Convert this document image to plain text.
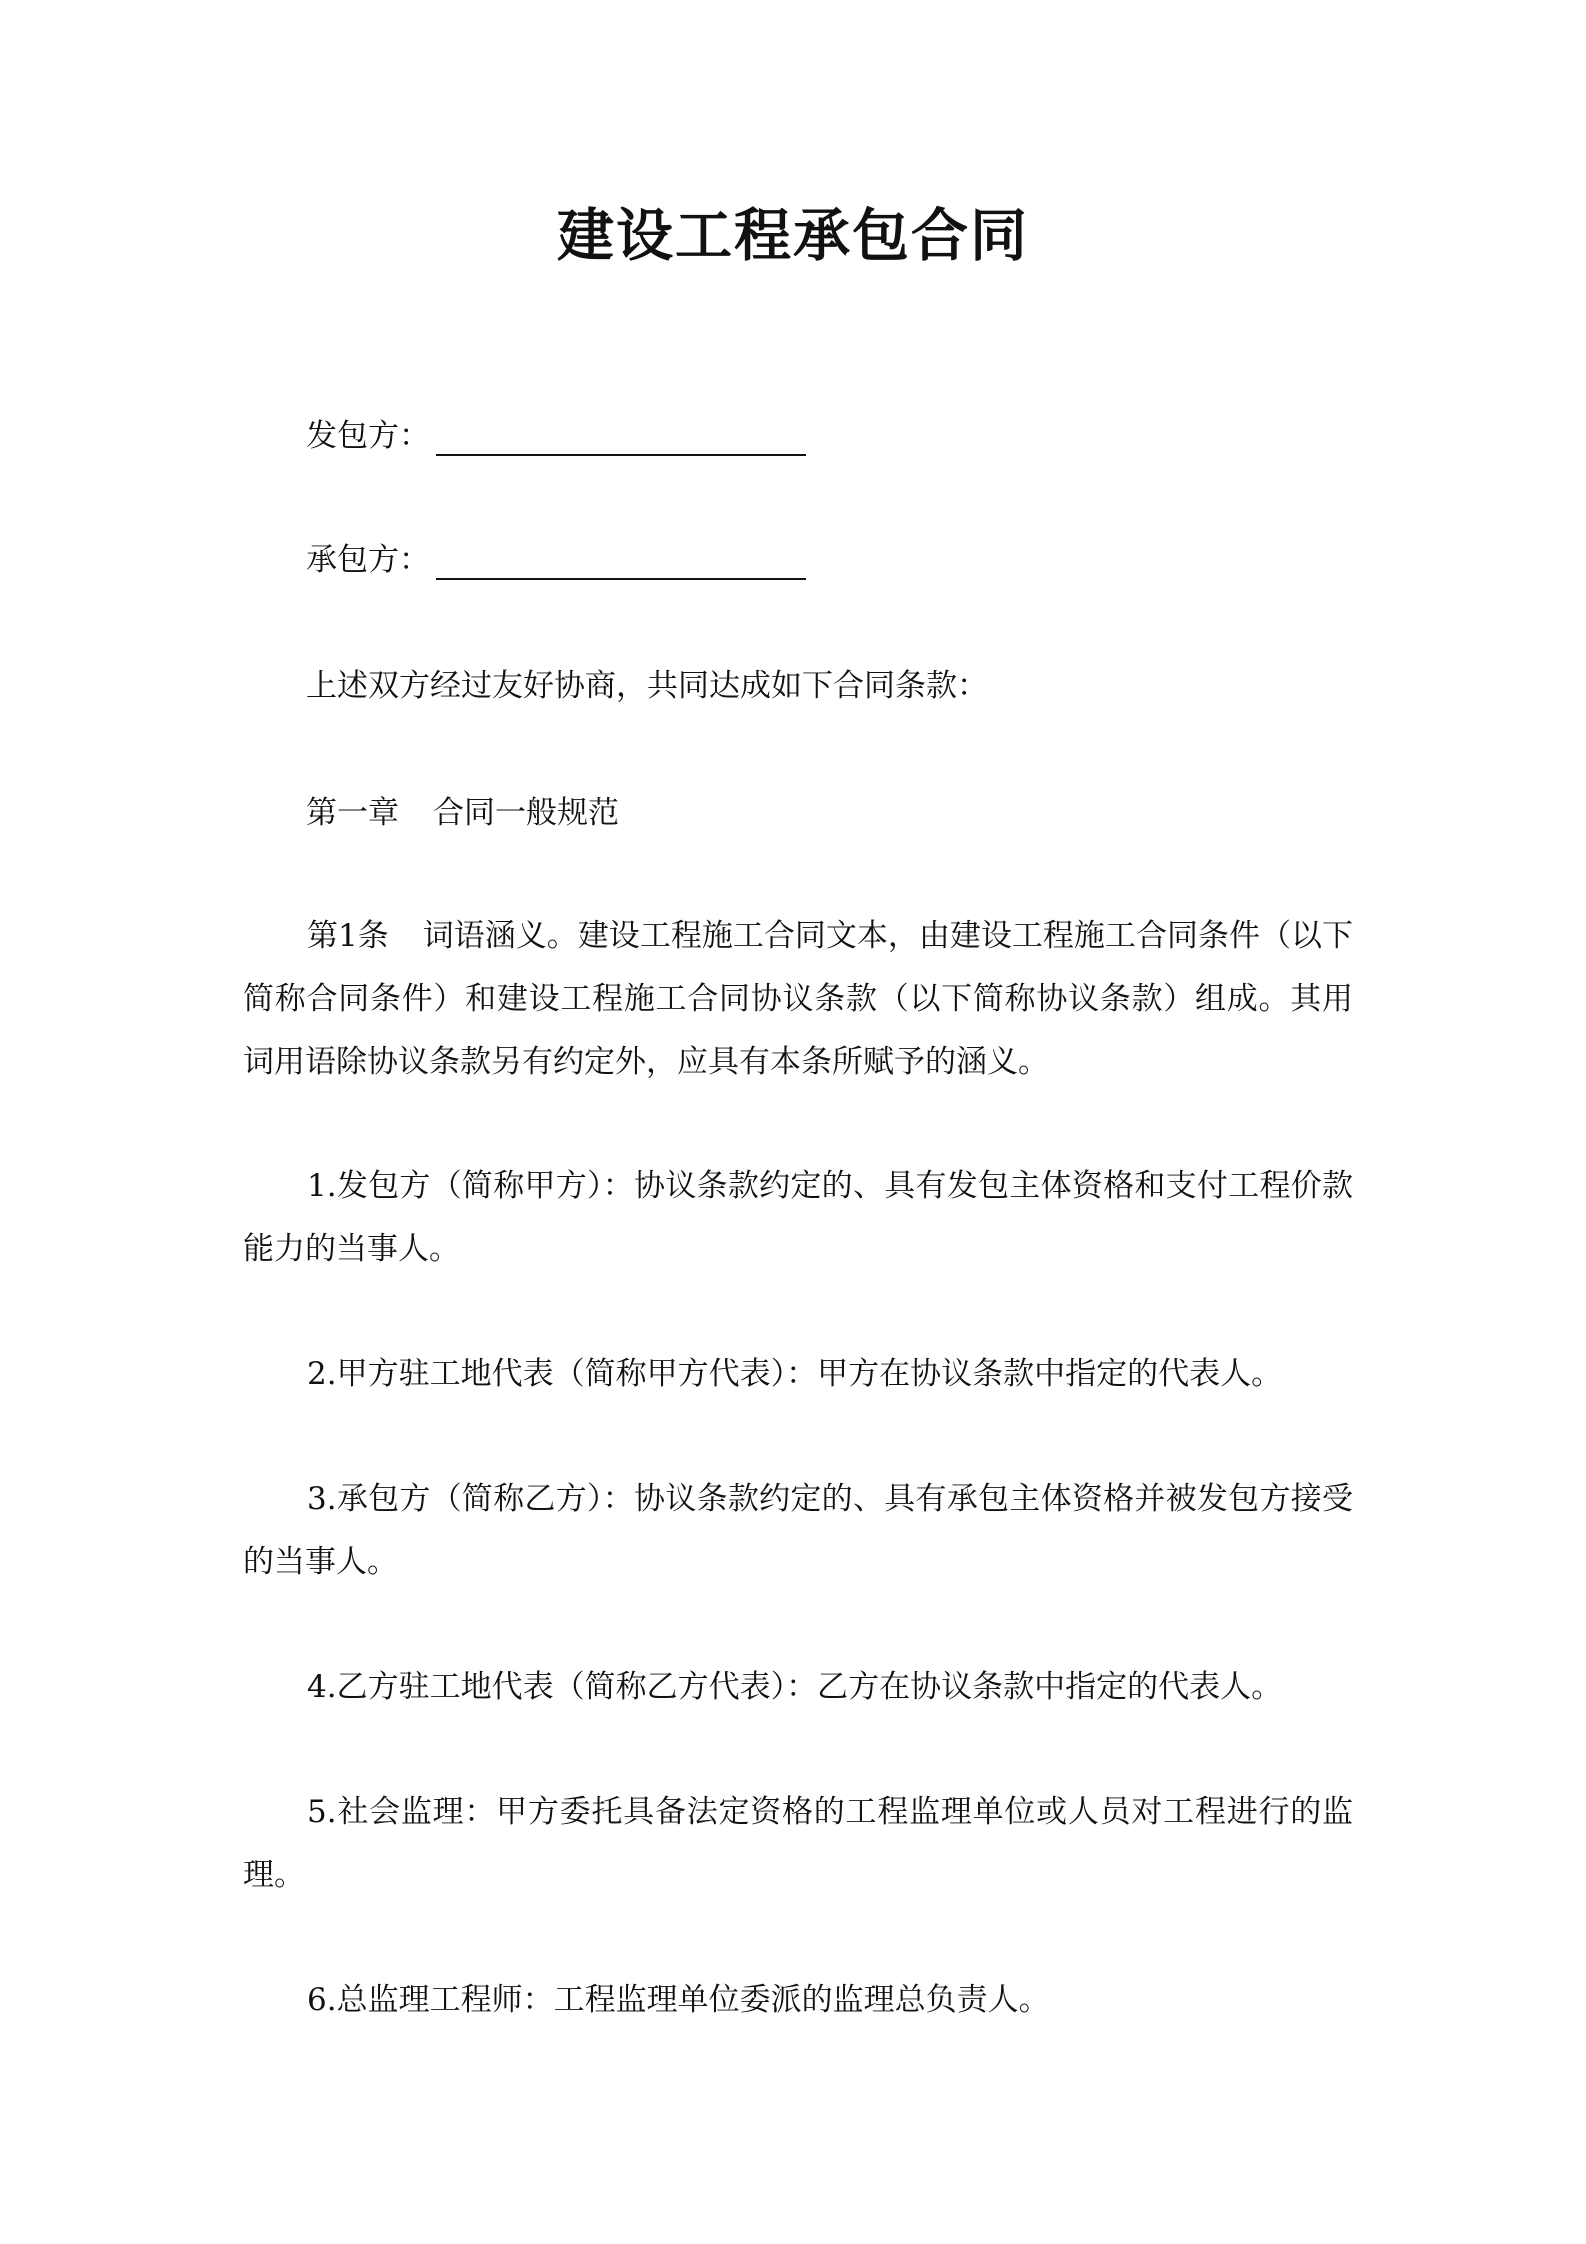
建设工程承包合同
发包方：
承包方：
上述双方经过友好协商，共同达成如下合同条款：
第一章 合同一般规范

第1条 词语涵义。建设工程施工合同文本，由建设工程施工合同条件（以下简称合同条件）和建设工程施工合同协议条款（以下简称协议条款）组成。其用词用语除协议条款另有约定外，应具有本条所赋予的涵义。

1.发包方（简称甲方）：协议条款约定的、具有发包主体资格和支付工程价款能力的当事人。

2.甲方驻工地代表（简称甲方代表）：甲方在协议条款中指定的代表人。

3.承包方（简称乙方）：协议条款约定的、具有承包主体资格并被发包方接受的当事人。

4.乙方驻工地代表（简称乙方代表）：乙方在协议条款中指定的代表人。

5.社会监理：甲方委托具备法定资格的工程监理单位或人员对工程进行的监理。

6.总监理工程师：工程监理单位委派的监理总负责人。
